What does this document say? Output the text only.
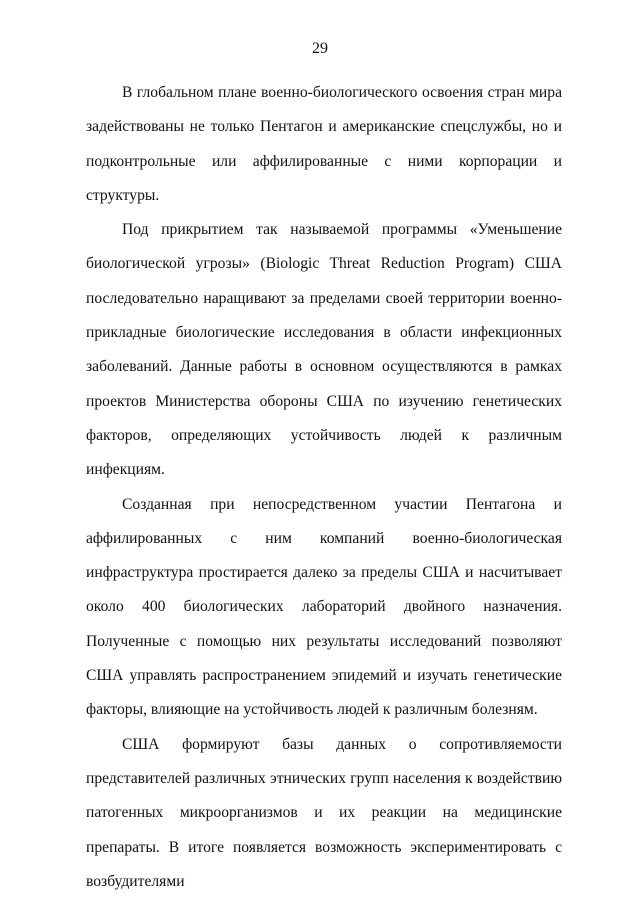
29

В глобальном плане военно-биологического освоения стран мира задействованы не только Пентагон и американские спецслужбы, но и подконтрольные или аффилированные с ними корпорации и структуры.

Под прикрытием так называемой программы «Уменьшение биологической угрозы» (Biologic Threat Reduction Program) США последовательно наращивают за пределами своей территории военно-прикладные биологические исследования в области инфекционных заболеваний. Данные работы в основном осуществляются в рамках проектов Министерства обороны США по изучению генетических факторов, определяющих устойчивость людей к различным инфекциям.

Созданная при непосредственном участии Пентагона и аффилированных с ним компаний военно-биологическая инфраструктура простирается далеко за пределы США и насчитывает около 400 биологических лабораторий двойного назначения. Полученные с помощью них результаты исследований позволяют США управлять распространением эпидемий и изучать генетические факторы, влияющие на устойчивость людей к различным болезням.

США формируют базы данных о сопротивляемости представителей различных этнических групп населения к воздействию патогенных микроорганизмов и их реакции на медицинские препараты. В итоге появляется возможность экспериментировать с возбудителями
